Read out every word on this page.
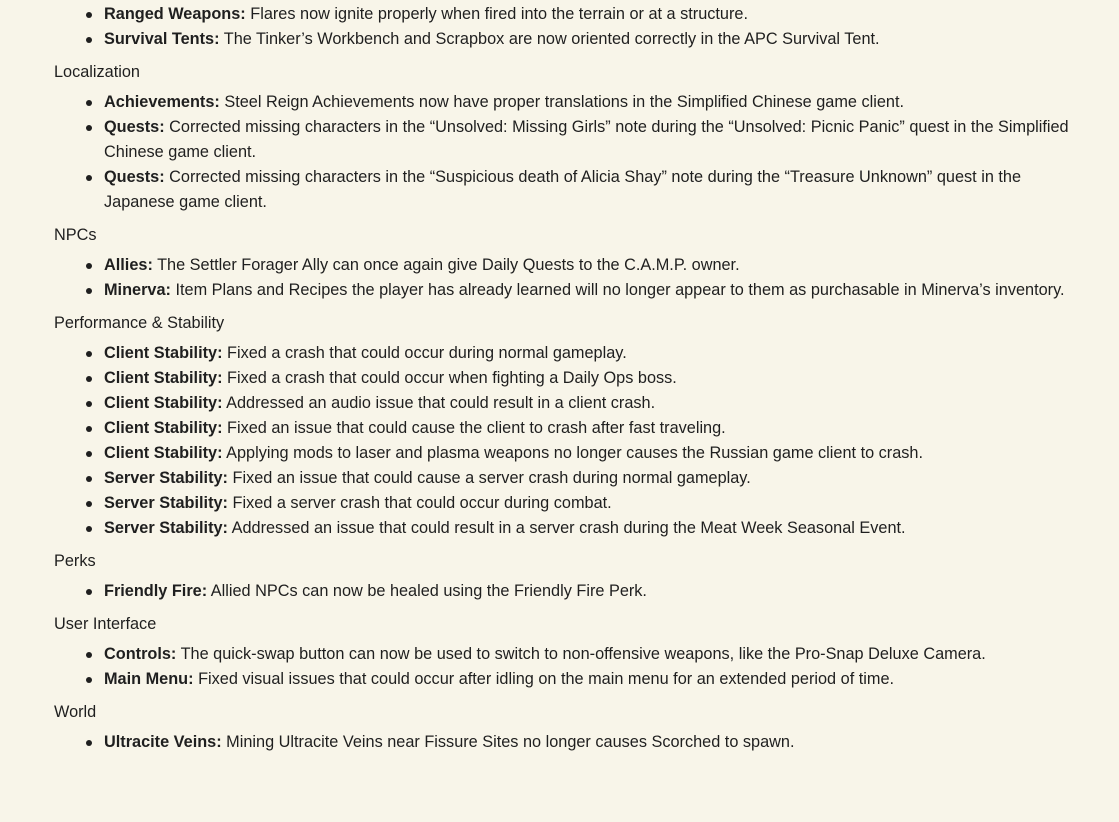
Ranged Weapons: Flares now ignite properly when fired into the terrain or at a structure.
Survival Tents: The Tinker’s Workbench and Scrapbox are now oriented correctly in the APC Survival Tent.
Localization
Achievements: Steel Reign Achievements now have proper translations in the Simplified Chinese game client.
Quests: Corrected missing characters in the “Unsolved: Missing Girls” note during the “Unsolved: Picnic Panic” quest in the Simplified Chinese game client.
Quests: Corrected missing characters in the “Suspicious death of Alicia Shay” note during the “Treasure Unknown” quest in the Japanese game client.
NPCs
Allies: The Settler Forager Ally can once again give Daily Quests to the C.A.M.P. owner.
Minerva: Item Plans and Recipes the player has already learned will no longer appear to them as purchasable in Minerva’s inventory.
Performance & Stability
Client Stability: Fixed a crash that could occur during normal gameplay.
Client Stability: Fixed a crash that could occur when fighting a Daily Ops boss.
Client Stability: Addressed an audio issue that could result in a client crash.
Client Stability: Fixed an issue that could cause the client to crash after fast traveling.
Client Stability: Applying mods to laser and plasma weapons no longer causes the Russian game client to crash.
Server Stability: Fixed an issue that could cause a server crash during normal gameplay.
Server Stability: Fixed a server crash that could occur during combat.
Server Stability: Addressed an issue that could result in a server crash during the Meat Week Seasonal Event.
Perks
Friendly Fire: Allied NPCs can now be healed using the Friendly Fire Perk.
User Interface
Controls: The quick-swap button can now be used to switch to non-offensive weapons, like the Pro-Snap Deluxe Camera.
Main Menu: Fixed visual issues that could occur after idling on the main menu for an extended period of time.
World
Ultracite Veins: Mining Ultracite Veins near Fissure Sites no longer causes Scorched to spawn.
